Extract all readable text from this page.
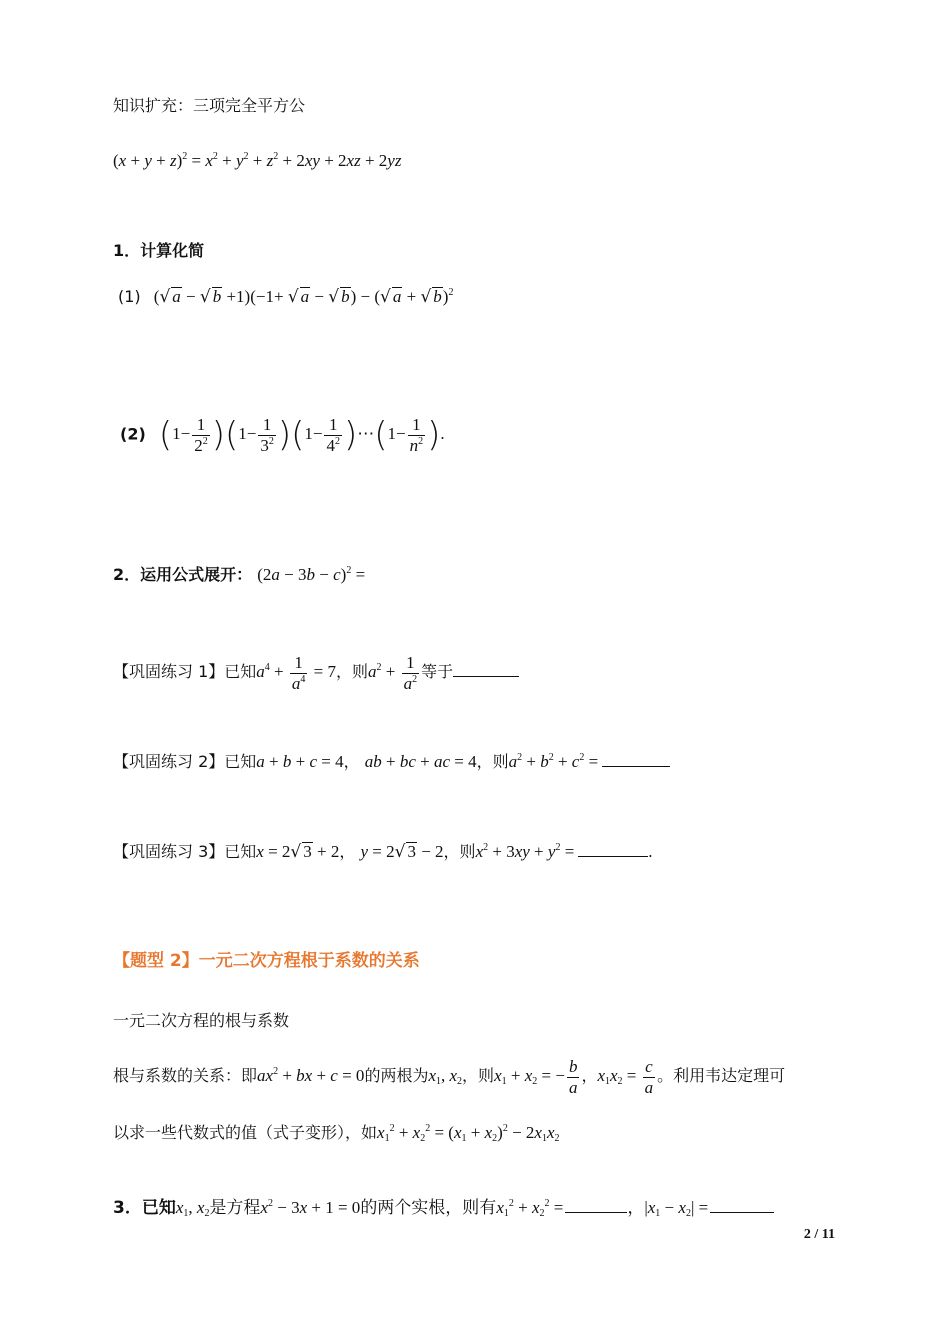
知识扩充：三项完全平方公
$(x + y + z)^2 = x^2 + y^2 + z^2 + 2xy + 2xz + 2yz$
1．计算化简
(1) (√ a − √ b +1)(−1+ √ a − √ b) − (√ a + √ b)$^2$
(2) $(1- \frac{1}{2^2} )(1- \frac{1}{3^2} )(1- \frac{1}{4^2}$ )⋯(1− $\frac{1}{n^2}$ ).
2．运用公式展开： $(2a - 3b - c)^2$ =
【巩固练习 1】已知$a^4 + \frac{1}{a^4} = 7$，则$a^2 + \frac{1}{a^2}$ 等于
【巩固练习 2】已知a + b + c = 4， ab + bc + ac = 4，则$a^2 + b^2 + c^2$ =
【巩固练习 3】已知x = 2√ 3 + 2， y = 2√ 3 − 2，则$x^2 + 3xy + y^2$ =	.
【题型 2】一元二次方程根于系数的关系
一元二次方程的根与系数
根与系数的关系：即$ax^2$ + bx + c = 0的两根为$x_1$, $x_2$，则$x_1 + x_2$ = − $\frac{b}{a}$ ，$x_1x_2 = \frac{c}{a}$ 。利用韦达定理可
以求一些代数式的值（式子变形），如$x_1^2 + x_2^2 = (x_1 + x_2)^2 - 2x_1x_2$
3．已知$x_1$, $x_2$是方程$x^2 - 3x + 1 = 0$的两个实根，则有$x_1^2 + x_2^2$ =	，$|x_1 - x_2|$ =
2 / 11
